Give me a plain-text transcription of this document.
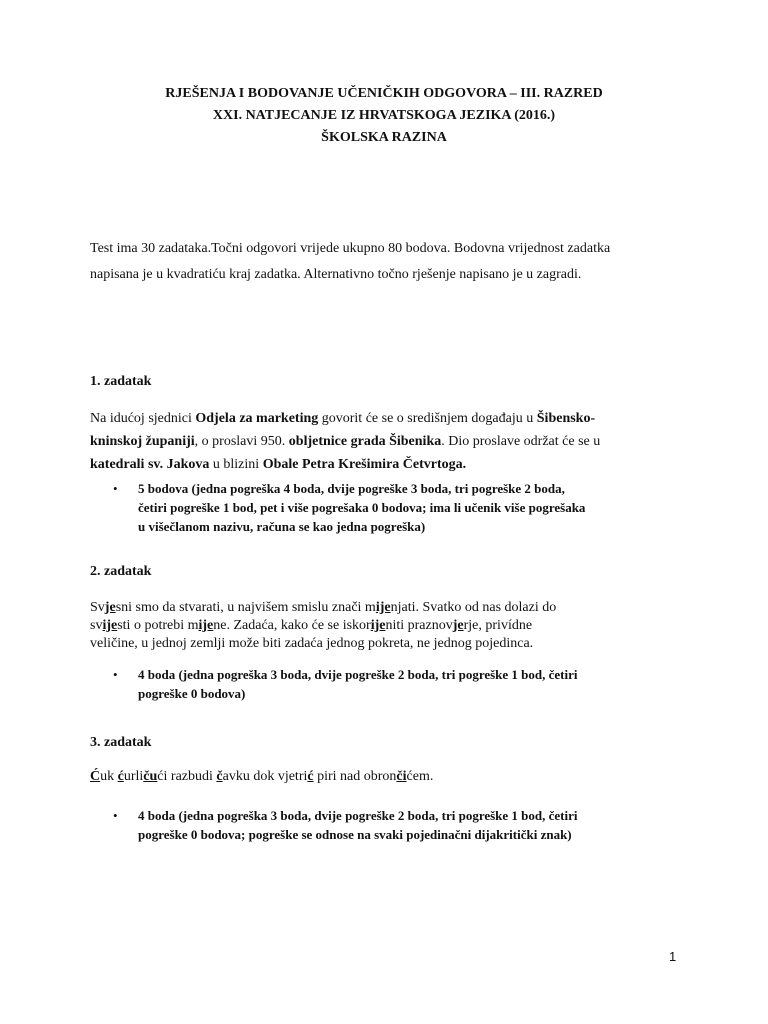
RJEŠENJA I BODOVANJE UČENIČKIH ODGOVORA – III. RAZRED
XXI. NATJECANJE IZ HRVATSKOGA JEZIKA (2016.)
ŠKOLSKA RAZINA
Test ima 30 zadataka.Točni odgovori vrijede ukupno 80 bodova. Bodovna vrijednost zadatka
napisana je u kvadratiću kraj zadatka. Alternativno točno rješenje napisano je u zagradi.
1. zadatak
Na idućoj sjednici Odjela za marketing govorit će se o središnjem događaju u Šibensko-
kninskoj županiji, o proslavi 950. obljetnice grada Šibenika. Dio proslave održat će se u
katedrali sv. Jakova u blizini Obale Petra Krešimira Četvrtoga.
• 5 bodova (jedna pogreška 4 boda, dvije pogreške 3 boda, tri pogreške 2 boda,
četiri pogreške 1 bod, pet i više pogrešaka 0 bodova; ima li učenik više pogrešaka
u višečlanom nazivu, računa se kao jedna pogreška)
2. zadatak
Svjesni smo da stvarati, u najvišem smislu znači mijenjati. Svatko od nas dolazi do
svijesti o potrebi mijene. Zadaća, kako će se iskorijeniti praznovjerje, privídne
veličine, u jednoj zemlji može biti zadaća jednog pokreta, ne jednog pojedinca.
• 4 boda (jedna pogreška 3 boda, dvije pogreške 2 boda, tri pogreške 1 bod, četiri
pogreške 0 bodova)
3. zadatak
Ćuk ćurličući razbudi čavku dok vjetrić piri nad obrončićem.
• 4 boda (jedna pogreška 3 boda, dvije pogreške 2 boda, tri pogreške 1 bod, četiri
pogreške 0 bodova; pogreške se odnose na svaki pojedinačni dijakritički znak)
1
